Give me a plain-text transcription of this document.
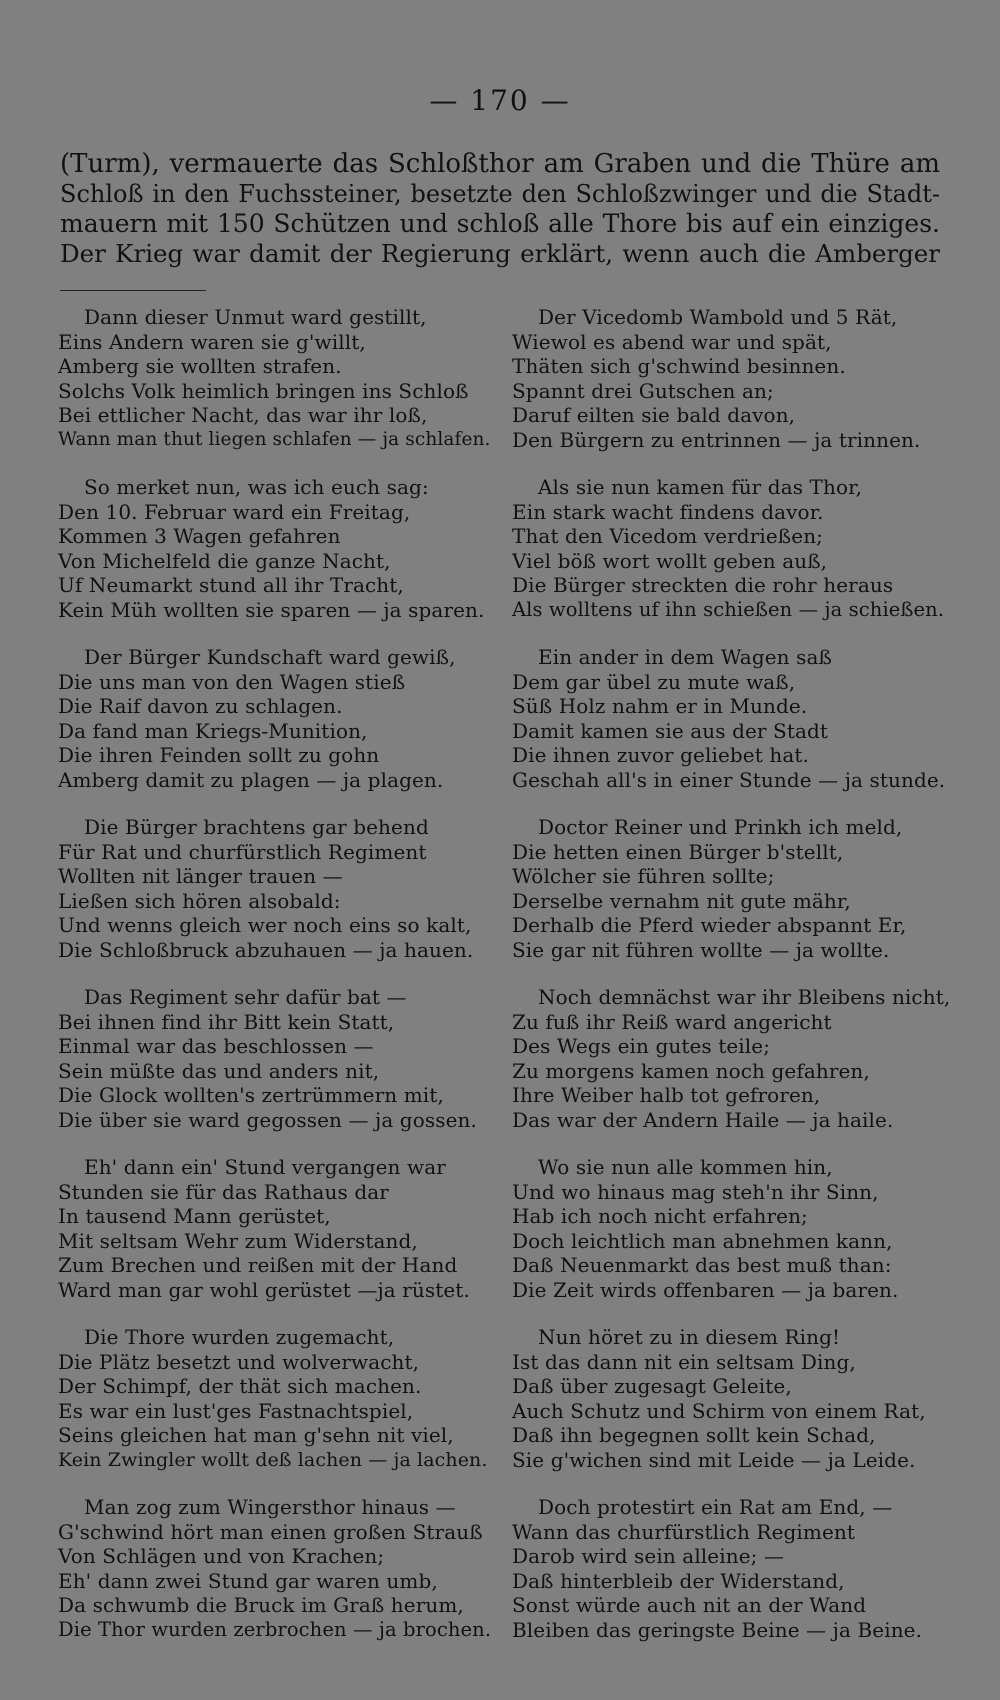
— 170 —
(Turm), vermauerte das Schloßthor am Graben und die Thüre am
Schloß in den Fuchssteiner, besetzte den Schloßzwinger und die Stadt-
mauern mit 150 Schützen und schloß alle Thore bis auf ein einziges.
Der Krieg war damit der Regierung erklärt, wenn auch die Amberger
Dann dieser Unmut ward gestillt,
Eins Andern waren sie g'willt,
Amberg sie wollten strafen.
Solchs Volk heimlich bringen ins Schloß
Bei ettlicher Nacht, das war ihr loß,
Wann man thut liegen schlafen — ja schlafen.
So merket nun, was ich euch sag:
Den 10. Februar ward ein Freitag,
Kommen 3 Wagen gefahren
Von Michelfeld die ganze Nacht,
Uf Neumarkt stund all ihr Tracht,
Kein Müh wollten sie sparen — ja sparen.
Der Bürger Kundschaft ward gewiß,
Die uns man von den Wagen stieß
Die Raif davon zu schlagen.
Da fand man Kriegs-Munition,
Die ihren Feinden sollt zu gohn
Amberg damit zu plagen — ja plagen.
Die Bürger brachtens gar behend
Für Rat und churfürstlich Regiment
Wollten nit länger trauen —
Ließen sich hören alsobald:
Und wenns gleich wer noch eins so kalt,
Die Schloßbruck abzuhauen — ja hauen.
Das Regiment sehr dafür bat —
Bei ihnen find ihr Bitt kein Statt,
Einmal war das beschlossen —
Sein müßte das und anders nit,
Die Glock wollten's zertrümmern mit,
Die über sie ward gegossen — ja gossen.
Eh' dann ein' Stund vergangen war
Stunden sie für das Rathaus dar
In tausend Mann gerüstet,
Mit seltsam Wehr zum Widerstand,
Zum Brechen und reißen mit der Hand
Ward man gar wohl gerüstet —ja rüstet.
Die Thore wurden zugemacht,
Die Plätz besetzt und wolverwacht,
Der Schimpf, der thät sich machen.
Es war ein lust'ges Fastnachtspiel,
Seins gleichen hat man g'sehn nit viel,
Kein Zwingler wollt deß lachen — ja lachen.
Man zog zum Wingersthor hinaus —
G'schwind hört man einen großen Strauß
Von Schlägen und von Krachen;
Eh' dann zwei Stund gar waren umb,
Da schwumb die Bruck im Graß herum,
Die Thor wurden zerbrochen — ja brochen.
Der Vicedomb Wambold und 5 Rät,
Wiewol es abend war und spät,
Thäten sich g'schwind besinnen.
Spannt drei Gutschen an;
Daruf eilten sie bald davon,
Den Bürgern zu entrinnen — ja trinnen.
Als sie nun kamen für das Thor,
Ein stark wacht findens davor.
That den Vicedom verdrießen;
Viel böß wort wollt geben auß,
Die Bürger streckten die rohr heraus
Als wolltens uf ihn schießen — ja schießen.
Ein ander in dem Wagen saß
Dem gar übel zu mute waß,
Süß Holz nahm er in Munde.
Damit kamen sie aus der Stadt
Die ihnen zuvor geliebet hat.
Geschah all's in einer Stunde — ja stunde.
Doctor Reiner und Prinkh ich meld,
Die hetten einen Bürger b'stellt,
Wölcher sie führen sollte;
Derselbe vernahm nit gute mähr,
Derhalb die Pferd wieder abspannt Er,
Sie gar nit führen wollte — ja wollte.
Noch demnächst war ihr Bleibens nicht,
Zu fuß ihr Reiß ward angericht
Des Wegs ein gutes teile;
Zu morgens kamen noch gefahren,
Ihre Weiber halb tot gefroren,
Das war der Andern Haile — ja haile.
Wo sie nun alle kommen hin,
Und wo hinaus mag steh'n ihr Sinn,
Hab ich noch nicht erfahren;
Doch leichtlich man abnehmen kann,
Daß Neuenmarkt das best muß than:
Die Zeit wirds offenbaren — ja baren.
Nun höret zu in diesem Ring!
Ist das dann nit ein seltsam Ding,
Daß über zugesagt Geleite,
Auch Schutz und Schirm von einem Rat,
Daß ihn begegnen sollt kein Schad,
Sie g'wichen sind mit Leide — ja Leide.
Doch protestirt ein Rat am End, —
Wann das churfürstlich Regiment
Darob wird sein alleine; —
Daß hinterbleib der Widerstand,
Sonst würde auch nit an der Wand
Bleiben das geringste Beine — ja Beine.
